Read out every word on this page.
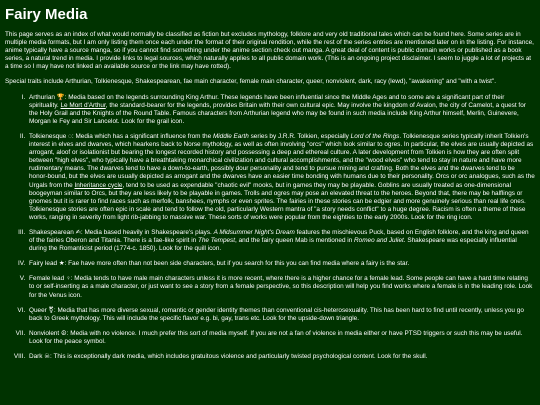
Fairy Media

This page serves as an index of what would normally be classified as fiction but excludes mythology, folklore and very old traditional tales which can be found here. Some series are in multiple media formats, but I am only listing them once each under the format of their original rendition, while the rest of the series entries are mentioned later on in the listing. For instance, anime typically have a source manga, so if you cannot find something under the anime section check out manga. A great deal of content is public domain works or published as a book series, a natural trend in media. I provide links to legal sources, which naturally applies to all public domain work. (This is an ongoing project disclaimer. I seem to juggle a lot of projects at a time so I may have not linked an available source or the link may have rotted).

Special traits include Arthurian, Tolkienesque, Shakespearean, fae main character, female main character, queer, nonviolent, dark, racy (lewd), "awakening" and "with a twist".

I. Arthurian 🏆: Media based on the legends surrounding King Arthur. These legends have been influential since the Middle Ages and to some are a significant part of their spirituality. Le Mort d'Arthur, the standard-bearer for the legends, provides Britain with their own cultural epic. May involve the kingdom of Avalon, the city of Camelot, a quest for the Holy Grail and the Knights of the Round Table. Famous characters from Arthurian legend who may be found in such media include King Arthur himself, Merlin, Guinevere, Morgan le Fey and Sir Lancelot. Look for the grail icon.
II. Tolkienesque ◌: Media which has a significant influence from the Middle Earth series by J.R.R. Tolkien, especially Lord of the Rings. Tolkienesque series typically inherit Tolkien's interest in elves and dwarves, which hearkens back to Norse mythology, as well as often involving "orcs" which look similar to ogres. In particular, the elves are usually depicted as arrogant, aloof or isolationist but bearing the longest recorded history and possessing a deep and ethereal culture. A later development from Tolkien is how they are often split between "high elves", who typically have a breathtaking monarchical civilization and cultural accomplishments, and the "wood elves" who tend to stay in nature and have more rudimentary means. The dwarves tend to have a down-to-earth, possibly dour personality and tend to pursue mining and crafting. Both the elves and the dwarves tend to be honor-bound, but the elves are usually depicted as arrogant and the dwarves have an easier time bonding with humans due to their personality. Orcs or orc analogues, such as the Urgals from the Inheritance cycle, tend to be used as expendable "chaotic evil" mooks, but in games they may be playable. Goblins are usually treated as one-dimensional boogeyman similar to Orcs, but they are less likely to be playable in games. Trolls and ogres may pose an elevated threat to the heroes. Beyond that, there may be halflings or gnomes but it is rarer to find races such as merfolk, banshees, nymphs or even sprites. The fairies in these stories can be edgier and more genuinely serious than real life ones. Tolkienesque stories are often epic in scale and tend to follow the old, particularly Western mantra of "a story needs conflict" to a huge degree. Racism is often a theme of these works, ranging in severity from light rib-jabbing to massive war. These sorts of works were popular from the eighties to the early 2000s. Look for the ring icon.
III. Shakespearean ✍: Media based heavily in Shakespeare's plays. A Midsummer Night's Dream features the mischievous Puck, based on English folklore, and the king and queen of the fairies Oberon and Titania. There is a fae-like spirit in The Tempest, and the fairy queen Mab is mentioned in Romeo and Juliet. Shakespeare was especially influential during the Romanticist period (1774-c. 1850). Look for the quill icon.
IV. Fairy lead ★: Fae have more often than not been side characters, but if you search for this you can find media where a fairy is the star.
V. Female lead ♀: Media tends to have male main characters unless it is more recent, where there is a higher chance for a female lead. Some people can have a hard time relating to or self-inserting as a male character, or just want to see a story from a female perspective, so this description will help you find works where a female is in the leading role. Look for the Venus icon.
VI. Queer ⚧: Media that has more diverse sexual, romantic or gender identity themes than conventional cis-heterosexuality. This has been hard to find until recently, unless you go back to Greek mythology. This will include the specific flavor e.g. bi, gay, trans etc. Look for the upside-down triangle.
VII. Nonviolent ☮: Media with no violence. I much prefer this sort of media myself. If you are not a fan of violence in media either or have PTSD triggers or such this may be useful. Look for the peace symbol.
VIII. Dark ☠: This is exceptionally dark media, which includes gratuitous violence and particularly twisted psychological content. Look for the skull.
